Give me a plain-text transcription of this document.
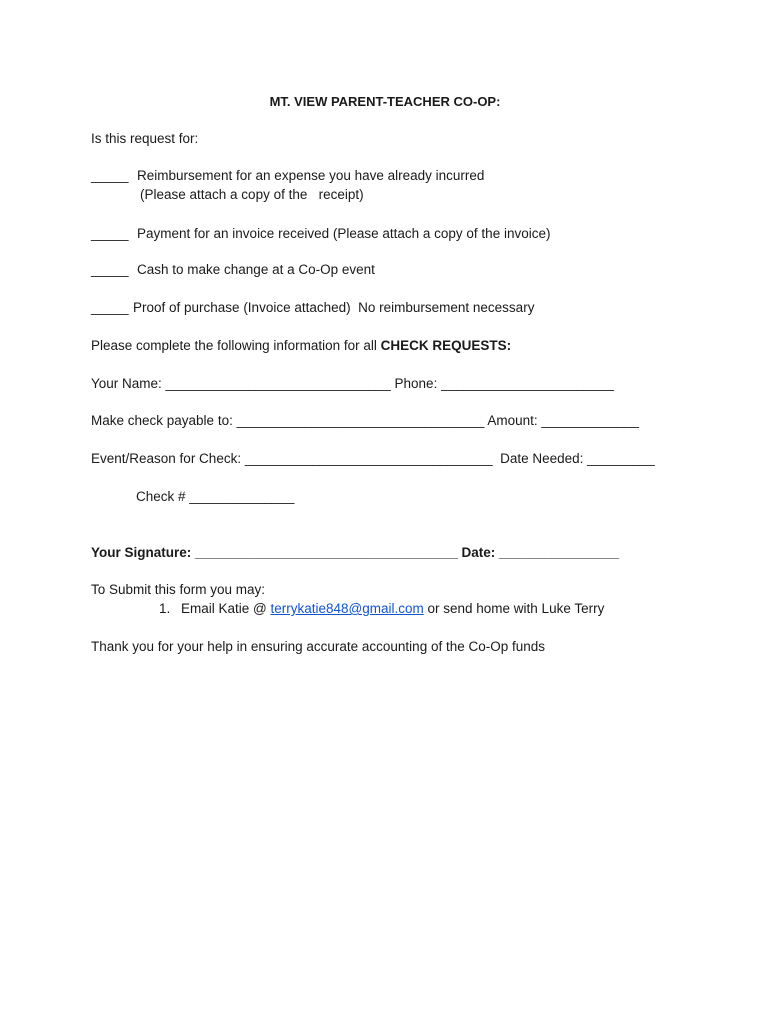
MT. VIEW PARENT-TEACHER CO-OP:
Is this request for:
_____ Reimbursement for an expense you have already incurred
(Please attach a copy of the   receipt)
_____ Payment for an invoice received (Please attach a copy of the invoice)
_____ Cash to make change at a Co-Op event
_____ Proof of purchase (Invoice attached)  No reimbursement necessary
Please complete the following information for all CHECK REQUESTS:
Your Name: ______________________________ Phone: _______________________
Make check payable to: _________________________________ Amount: _____________
Event/Reason for Check: _________________________________  Date Needed: _________
Check # ______________
Your Signature: ___________________________________ Date: ________________
To Submit this form you may:
1. Email Katie @ terrykatie848@gmail.com or send home with Luke Terry
Thank you for your help in ensuring accurate accounting of the Co-Op funds
